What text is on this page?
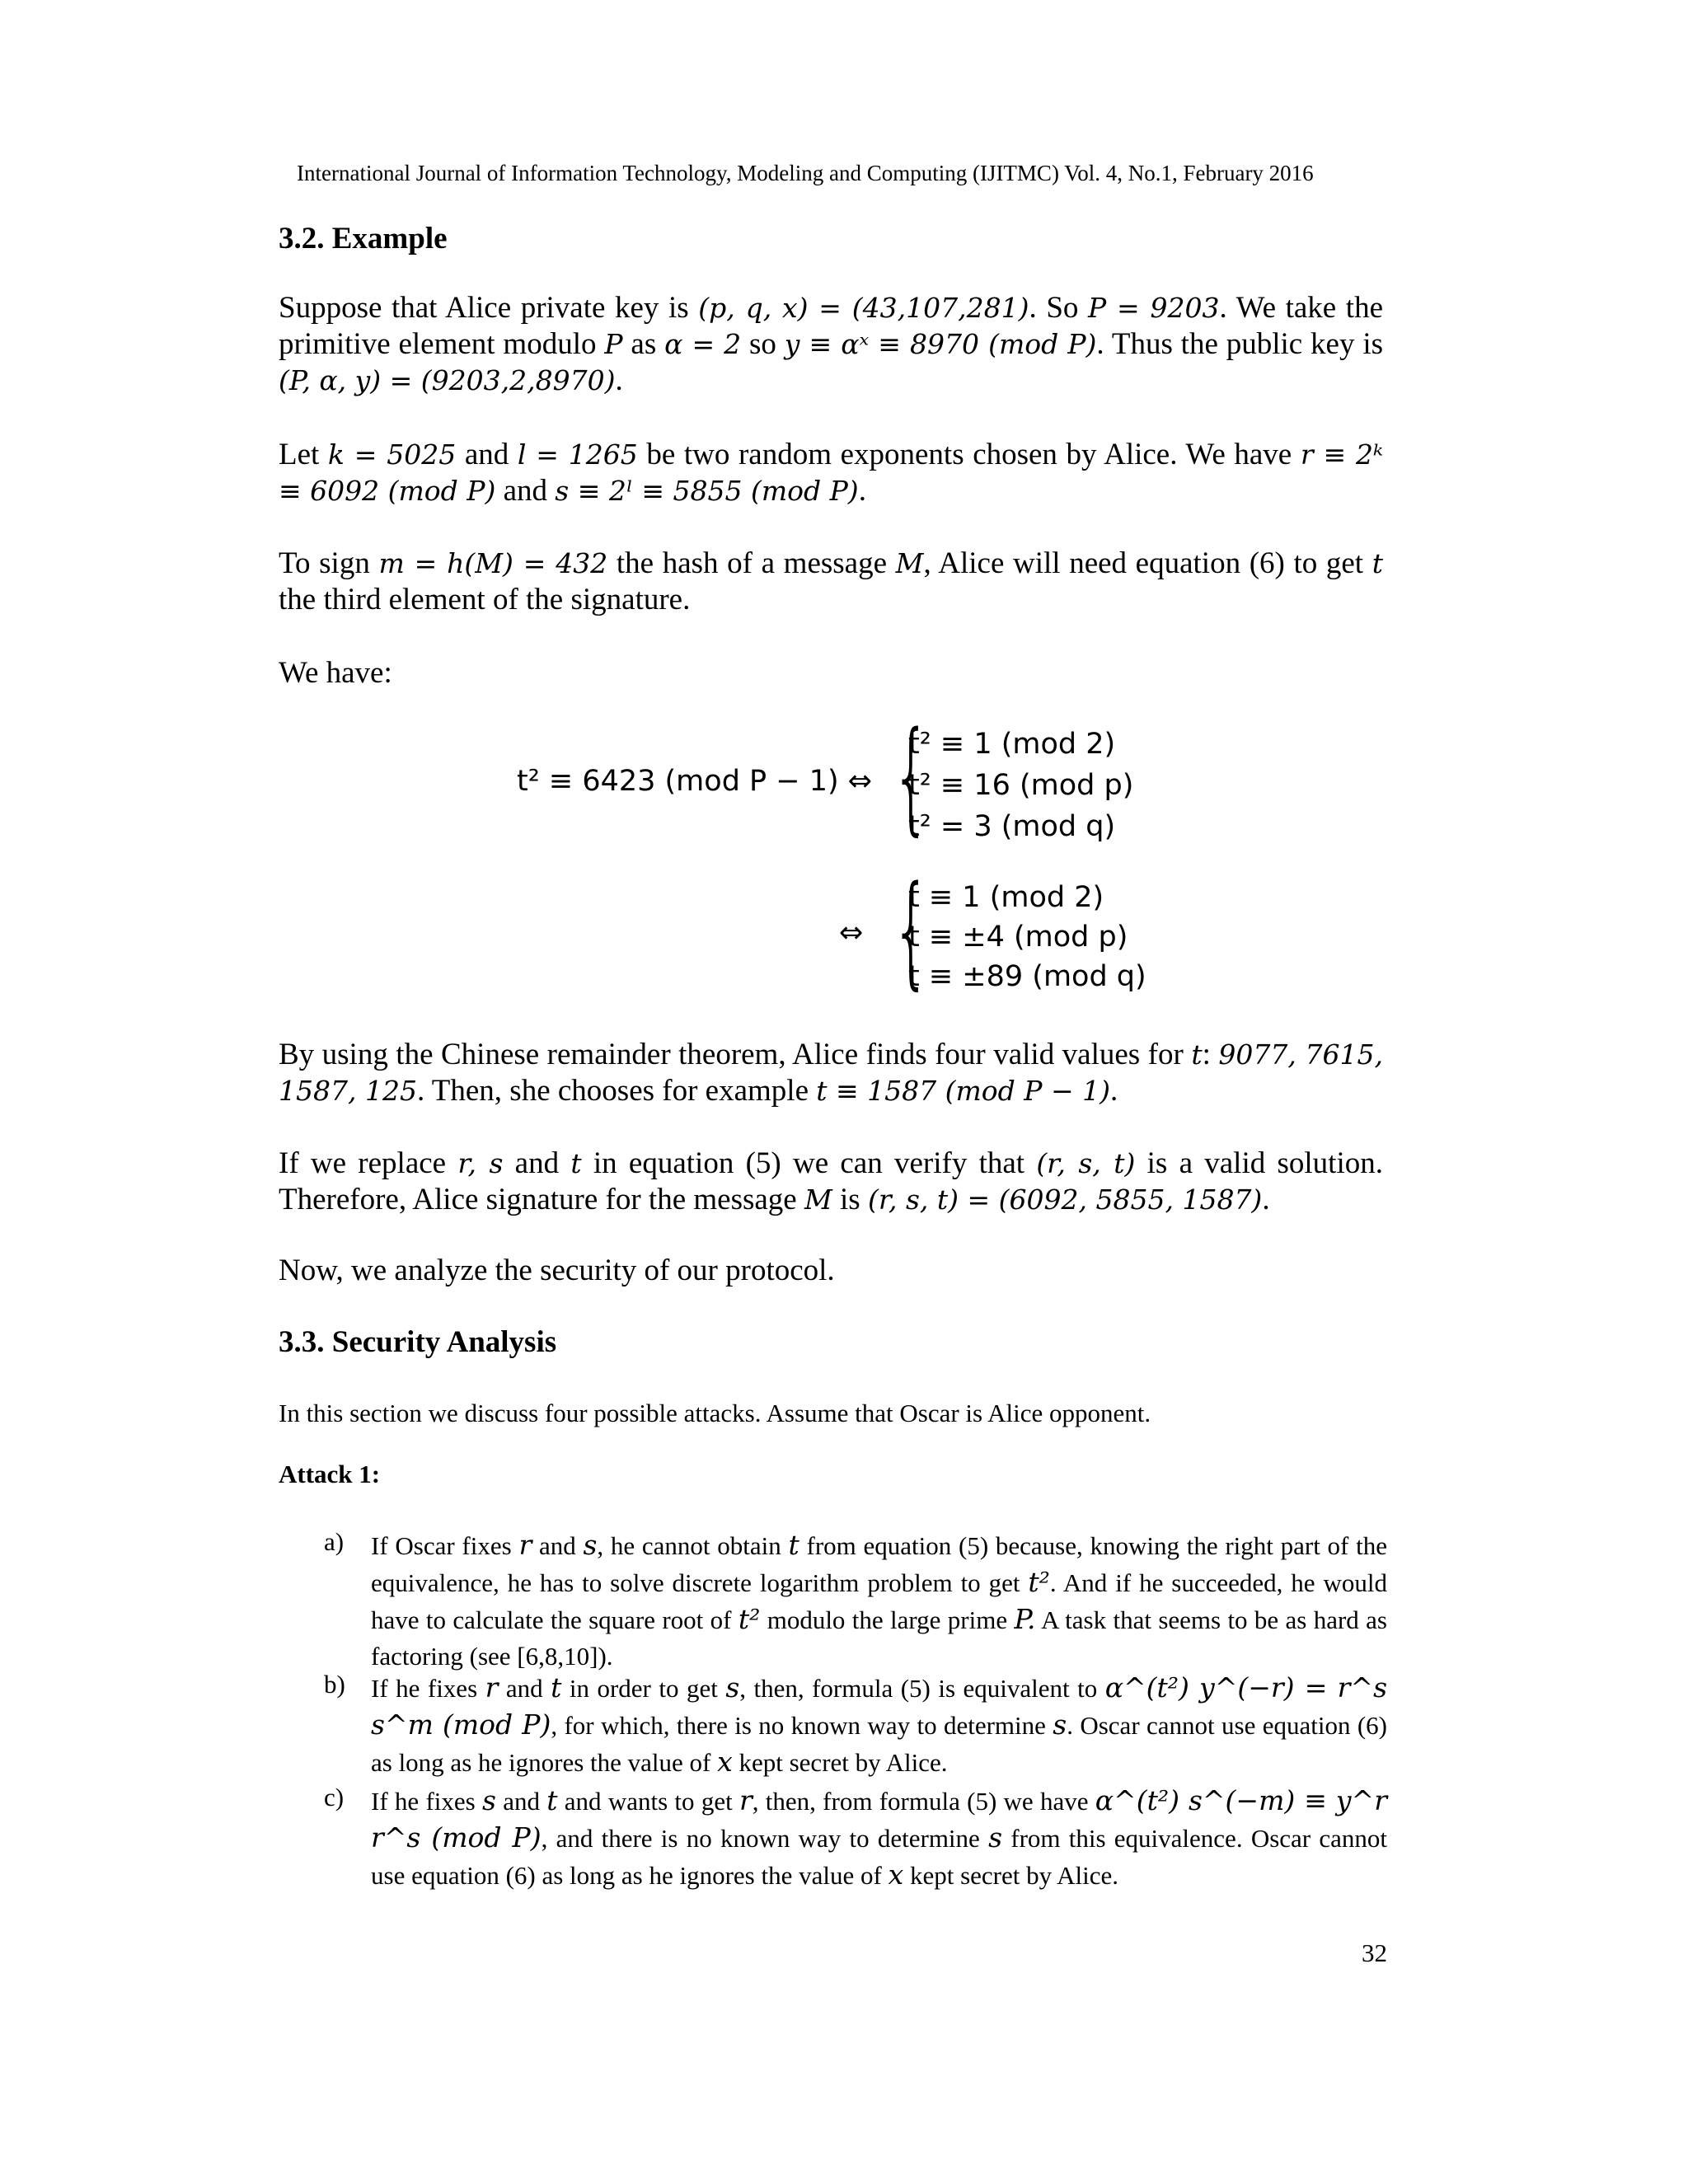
International Journal of Information Technology, Modeling and Computing (IJITMC) Vol. 4, No.1, February 2016
3.2. Example
Suppose that Alice private key is (p, q, x) = (43,107,281). So P = 9203. We take the primitive element modulo P as α = 2 so y ≡ αˣ ≡ 8970 (mod P). Thus the public key is (P, α, y) = (9203,2,8970).
Let k = 5025 and l = 1265 be two random exponents chosen by Alice. We have r ≡ 2ᵏ ≡ 6092 (mod P) and s ≡ 2ˡ ≡ 5855 (mod P).
To sign m = h(M) = 432 the hash of a message M, Alice will need equation (6) to get t the third element of the signature.
We have:
t² ≡ 6423 (mod P − 1) ⇔ {
t² ≡ 1 (mod 2)
t² ≡ 16 (mod p)
t² = 3 (mod q)
⇔ {
t ≡ 1 (mod 2)
t ≡ ±4 (mod p)
t ≡ ±89 (mod q)
By using the Chinese remainder theorem, Alice finds four valid values for t: 9077, 7615, 1587, 125. Then, she chooses for example t ≡ 1587 (mod P − 1).
If we replace r, s and t in equation (5) we can verify that (r, s, t) is a valid solution. Therefore, Alice signature for the message M is (r, s, t) = (6092, 5855, 1587).
Now, we analyze the security of our protocol.
3.3. Security Analysis
In this section we discuss four possible attacks. Assume that Oscar is Alice opponent.
Attack 1:
a)	If Oscar fixes r and s, he cannot obtain t from equation (5) because, knowing the right part of the equivalence, he has to solve discrete logarithm problem to get t². And if he succeeded, he would have to calculate the square root of t² modulo the large prime P. A task that seems to be as hard as factoring (see [6,8,10]).
b)	If he fixes r and t in order to get s, then, formula (5) is equivalent to α^(t²) y^(−r) = r^s s^m (mod P), for which, there is no known way to determine s. Oscar cannot use equation (6) as long as he ignores the value of x kept secret by Alice.
c)	If he fixes s and t and wants to get r, then, from formula (5) we have α^(t²) s^(−m) ≡ y^r r^s (mod P), and there is no known way to determine s from this equivalence. Oscar cannot use equation (6) as long as he ignores the value of x kept secret by Alice.
32
